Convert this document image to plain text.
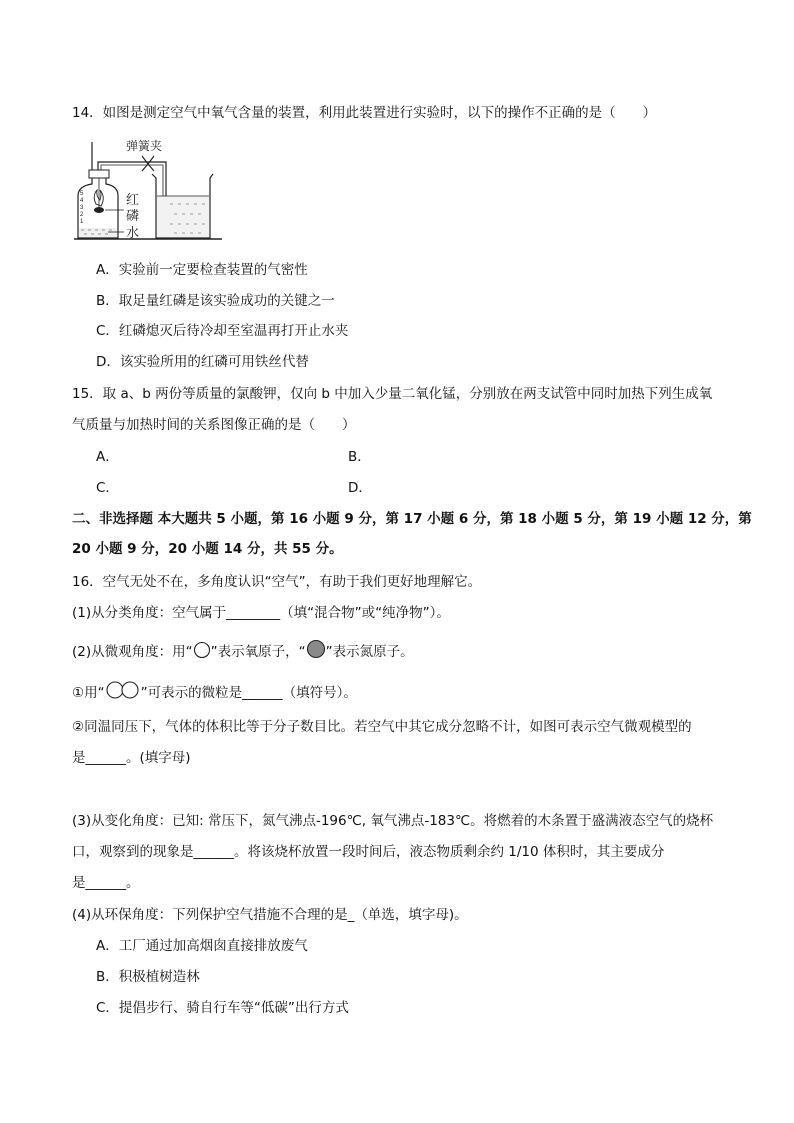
14．如图是测定空气中氧气含量的装置，利用此装置进行实验时，以下的操作不正确的是（　　）
弹簧夹
5
4
3
2
1
红
磷
水
A．实验前一定要检查装置的气密性
B．取足量红磷是该实验成功的关键之一
C．红磷熄灭后待冷却至室温再打开止水夹
D．该实验所用的红磷可用铁丝代替
15．取 a、b 两份等质量的氯酸钾，仅向 b 中加入少量二氧化锰，分别放在两支试管中同时加热下列生成氧
气质量与加热时间的关系图像正确的是（　　）
A．	B．
C．	D．
二、非选择题 本大题共 5 小题，第 16 小题 9 分，第 17 小题 6 分，第 18 小题 5 分，第 19 小题 12 分，第
20 小题 9 分，20 小题 14 分，共 55 分。
16．空气无处不在，多角度认识“空气”，有助于我们更好地理解它。
(1)从分类角度：空气属于________（填“混合物”或“纯净物”）。
(2)从微观角度：用“ ”表示氧原子，“ ”表示氮原子。
①用“	”可表示的微粒是______（填符号）。
②同温同压下，气体的体积比等于分子数目比。若空气中其它成分忽略不计，如图可表示空气微观模型的
是______。(填字母)
(3)从变化角度：已知: 常压下，氮气沸点-196℃, 氧气沸点-183℃。将燃着的木条置于盛满液态空气的烧杯
口，观察到的现象是______。将该烧杯放置一段时间后，液态物质剩余约 1/10 体积时，其主要成分
是______。
(4)从环保角度：下列保护空气措施不合理的是_（单选，填字母)。
A．工厂通过加高烟囱直接排放废气
B．积极植树造林
C．提倡步行、骑自行车等“低碳”出行方式
